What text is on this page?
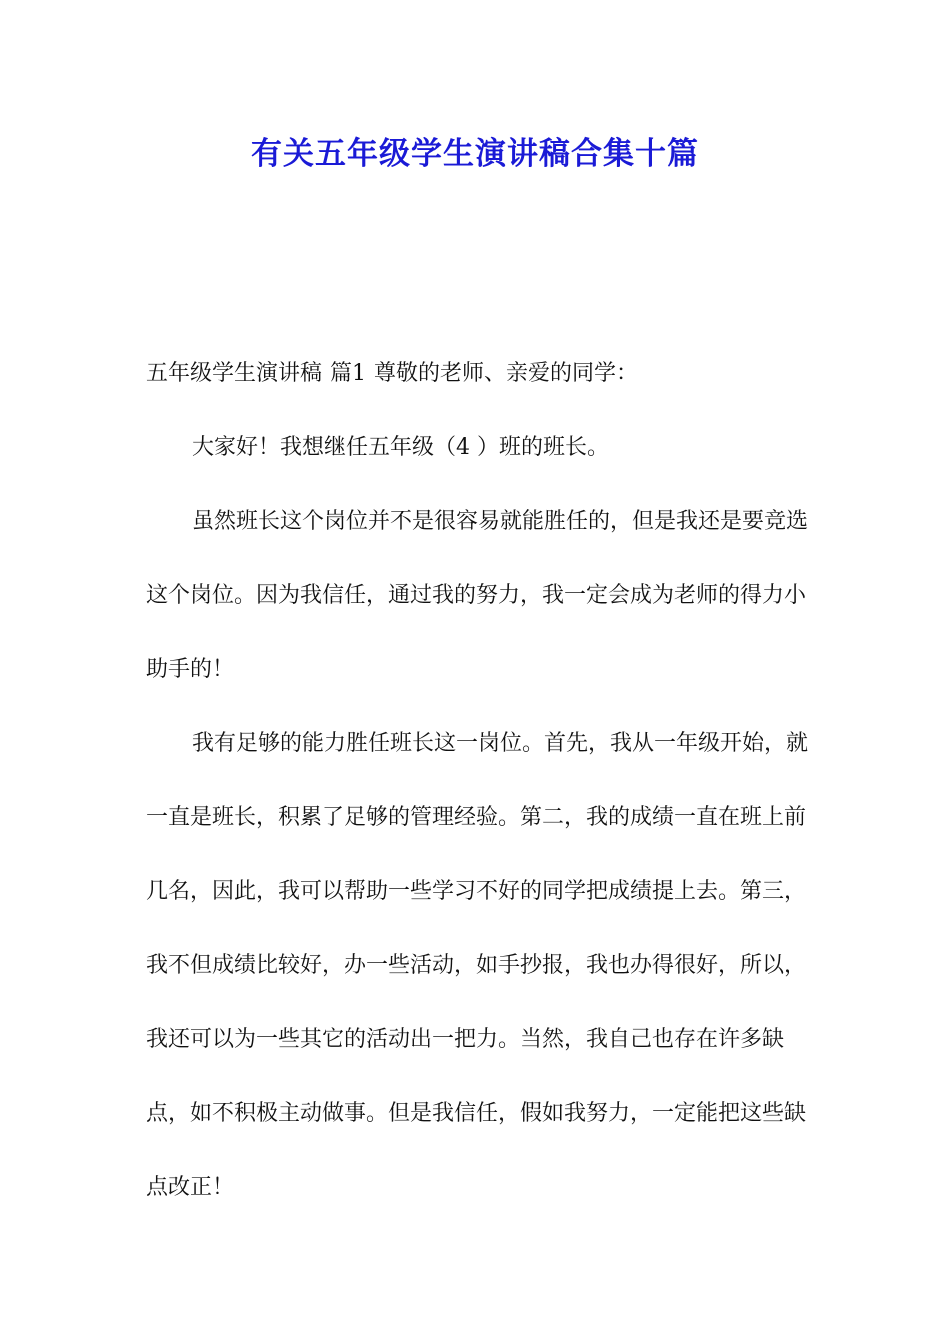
有关五年级学生演讲稿合集十篇

五年级学生演讲稿 篇1 尊敬的老师、亲爱的同学：

大家好！我想继任五年级（4 ）班的班长。

虽然班长这个岗位并不是很容易就能胜任的，但是我还是要竞选这个岗位。因为我信任，通过我的努力，我一定会成为老师的得力小助手的！

我有足够的能力胜任班长这一岗位。首先，我从一年级开始，就一直是班长，积累了足够的管理经验。第二，我的成绩一直在班上前几名，因此，我可以帮助一些学习不好的同学把成绩提上去。第三，我不但成绩比较好，办一些活动，如手抄报，我也办得很好，所以，我还可以为一些其它的活动出一把力。当然，我自己也存在许多缺点，如不积极主动做事。但是我信任，假如我努力，一定能把这些缺点改正！
